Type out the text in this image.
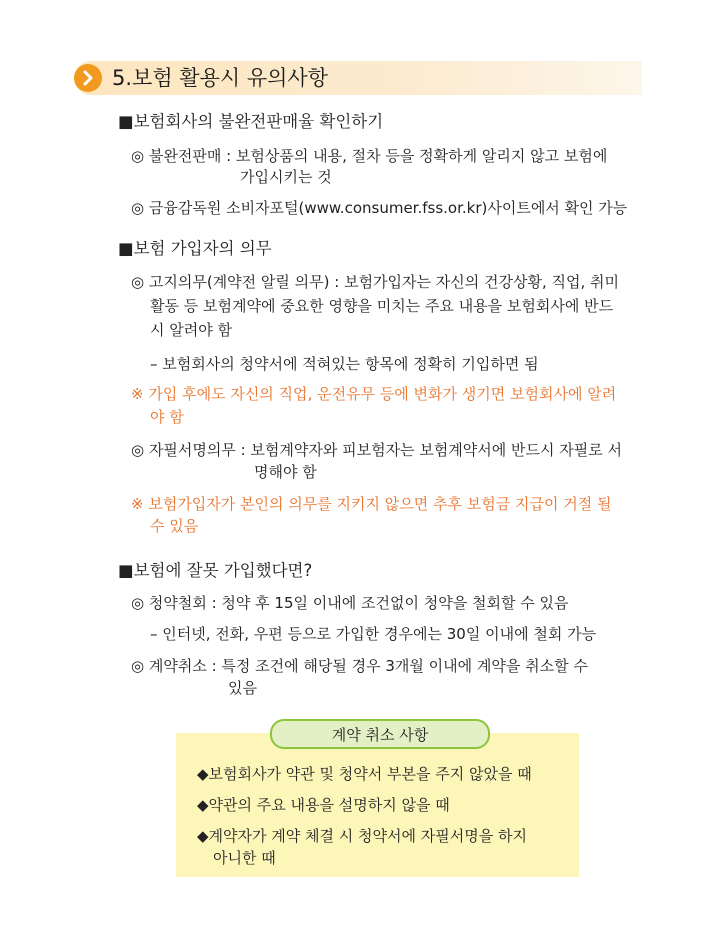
5.보험 활용시 유의사항
■보험회사의 불완전판매율 확인하기
◎ 불완전판매 : 보험상품의 내용, 절차 등을 정확하게 알리지 않고 보험에
가입시키는 것
◎ 금융감독원 소비자포털(www.consumer.fss.or.kr)사이트에서 확인 가능
■보험 가입자의 의무
◎ 고지의무(계약전 알릴 의무) : 보험가입자는 자신의 건강상황, 직업, 취미
활동 등 보험계약에 중요한 영향을 미치는 주요 내용을 보험회사에 반드
시 알려야 함
– 보험회사의 청약서에 적혀있는 항목에 정확히 기입하면 됨
※ 가입 후에도 자신의 직업, 운전유무 등에 변화가 생기면 보험회사에 알려
야 함
◎ 자필서명의무 : 보험계약자와 피보험자는 보험계약서에 반드시 자필로 서
명해야 함
※ 보험가입자가 본인의 의무를 지키지 않으면 추후 보험금 지급이 거절 될
수 있음
■보험에 잘못 가입했다면?
◎ 청약철회 : 청약 후 15일 이내에 조건없이 청약을 철회할 수 있음
– 인터넷, 전화, 우편 등으로 가입한 경우에는 30일 이내에 철회 가능
◎ 계약취소 : 특정 조건에 해당될 경우 3개월 이내에 계약을 취소할 수
있음
계약 취소 사항
◆보험회사가 약관 및 청약서 부본을 주지 않았을 때
◆약관의 주요 내용을 설명하지 않을 때
◆계약자가 계약 체결 시 청약서에 자필서명을 하지
아니한 때
